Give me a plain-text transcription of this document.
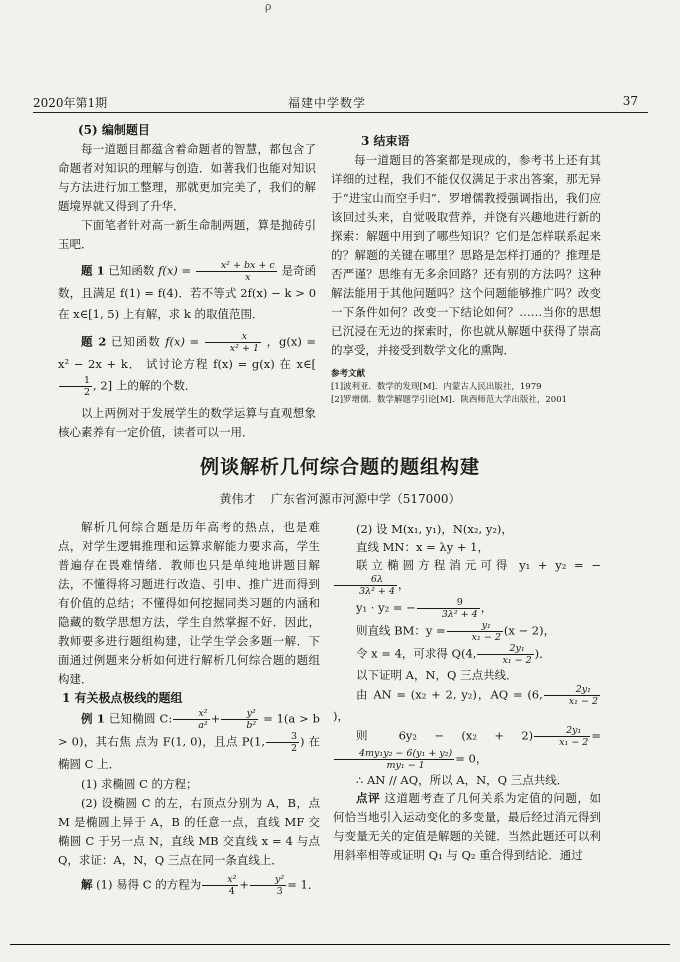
ρ
2020年第1期	福建中学数学	37

(5) 编制题目

每一道题目都蕴含着命题者的智慧，都包含了命题者对知识的理解与创造．如著我们也能对知识与方法进行加工整理，那就更加完美了，我们的解题境界就又得到了升华．

下面笔者针对高一新生命制两题，算是抛砖引玉吧．

题 1 已知函数 $f(x) = \frac{\text{x² + bx + c}}{x}$ 是奇函数，且满足 f(1) = f(4)．若不等式 2f(x) − k > 0 在 x∈[1, 5) 上有解，求 k 的取值范围．

题 2 已知函数 $f(x) = \frac{x}{\text{x² + 1}}$ ，g(x) = x² − 2x + k． 试讨论方程 f(x) = g(x) 在 x∈[
$\frac{1}{2}$ , 2] 上的解的个数．

以上两例对于发展学生的数学运算与直观想象核心素养有一定价值，读者可以一用．

3 结束语

每一道题目的答案都是现成的，参考书上还有其详细的过程，我们不能仅仅满足于求出答案，那无异于“进宝山而空手归”．罗增儒教授强调指出，我们应该回过头来，自觉吸取营养，并饶有兴趣地进行新的探索：解题中用到了哪些知识？它们是怎样联系起来的？解题的关键在哪里？思路是怎样打通的？推理是否严谨？思维有无多余回路？还有别的方法吗？这种解法能用于其他问题吗？这个问题能够推广吗？改变一下条件如何？改变一下结论如何？……当你的思想已沉浸在无边的探索时，你也就从解题中获得了崇高的享受，并接受到数学文化的熏陶．

参考文献

[1]波利亚．数学的发现[M]．内蒙古人民出版社，1979

[2]罗增儒．数学解题学引论[M]．陕西师范大学出版社，2001

例谈解析几何综合题的题组构建
黄伟才 广东省河源市河源中学（517000）

解析几何综合题是历年高考的热点，也是难点，对学生逻辑推理和运算求解能力要求高，学生普遍存在畏难情绪．教师也只是单纯地讲题目解法，不懂得将习题进行改造、引申、推广进而得到有价值的总结；不懂得如何挖掘同类习题的内涵和隐藏的数学思想方法，学生自然掌握不好．因此，教师要多进行题组构建，让学生学会多题一解．下面通过例题来分析如何进行解析几何综合题的题组构建．

1 有关极点极线的题组

例 1 已知椭圆 C: $\frac{\text{x²}}{\text{a²}} + \frac{\text{y²}}{\text{b²}} = 1(a > b > 0)$，其右焦 点为 F(1, 0)，且点 P(1, $\frac{3}{2}$ ) 在椭圆 C 上．

(1) 求椭圆 C 的方程；

(2) 设椭圆 C 的左，右顶点分别为 A，B，点 M 是椭圆上异于 A，B 的任意一点，直线 MF 交椭圆 C 于另一点 N，直线 MB 交直线 x = 4 与点 Q，求证：A，N，Q 三点在同一条直线上．

解 (1) 易得 C 的方程为 $\frac{\text{x²}}{4} + \frac{\text{y²}}{3} = 1$．

(2) 设 M(x₁, y₁)，N(x₂, y₂)，

直线 MN：x = λy + 1，

联立椭圆方程消元可得 y₁ + y₂ = −
$\frac{6\lambda}{\text{3λ² + 4}}$ ，

y₁ · y₂ = − $\frac{9}{\text{3λ² + 4}}$ ，

则直线 BM：$y = \frac{\text{y₁}}{\text{x₁ − 2}} (x - 2)$，

令 x = 4，可求得 Q(4, $\frac{\text{2y₁}}{\text{x₁ − 2}}$ )．

以下证明 A，N，Q 三点共线．

由 AN = (x₂ + 2, y₂)，AQ = (6, $\frac{\text{2y₁}}{\text{x₁ − 2}}$
)，

则 $6y_2 - (x_2 + 2) \frac{\text{2y₁}}{\text{x₁ − 2}}$ =
$\frac{\text{4my₁y₂ − 6(y₁ + y₂)}}{\text{my₁ − 1}} = 0$，

∴ AN // AQ，所以 A，N，Q 三点共线．

点评 这道题考查了几何关系为定值的问题，如何恰当地引入运动变化的多变量，最后经过消元得到与变量无关的定值是解题的关键．当然此题还可以利用斜率相等或证明 Q₁ 与 Q₂ 重合得到结论．通过
